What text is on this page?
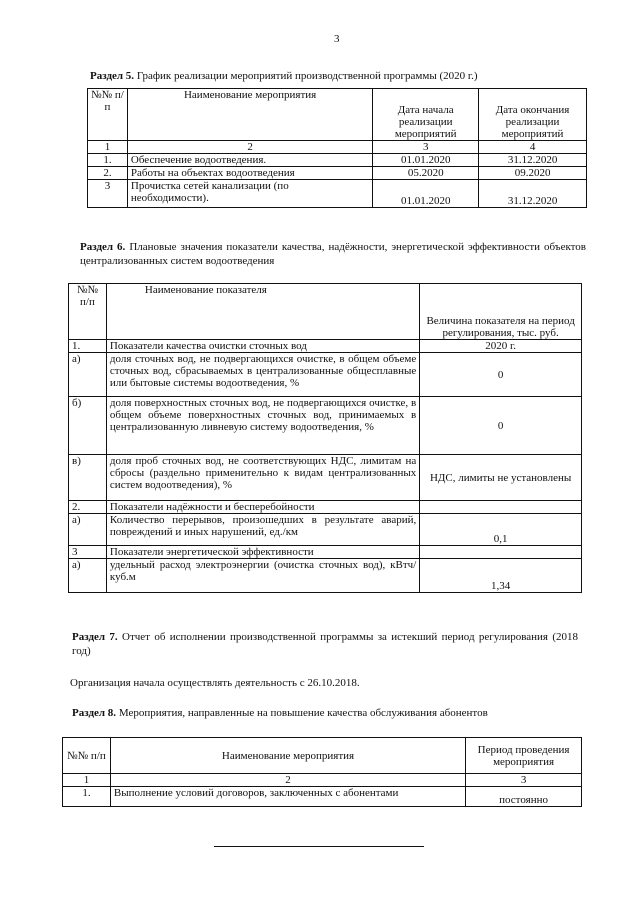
3
Раздел 5. График реализации мероприятий производственной программы (2020 г.)
№№ п/п	Наименование мероприятия	Дата начала реализации мероприятий	Дата окончания реализации мероприятий
1	2	3	4
1.	Обеспечение водоотведения.	01.01.2020	31.12.2020
2.	Работы на объектах водоотведения	05.2020	09.2020
3	Прочистка сетей канализации (по необходимости).	01.01.2020	31.12.2020
Раздел 6. Плановые значения показатели качества, надёжности, энергетической эффективности объектов централизованных систем водоотведения
№№ п/п	Наименование показателя	Величина показателя на период регулирования, тыс. руб.
1.	Показатели качества очистки сточных вод	2020 г.
а)	доля сточных вод, не подвергающихся очистке, в общем объеме сточных вод, сбрасываемых в централизованные общесплавные или бытовые системы водоотведения, %	0
б)	доля поверхностных сточных вод, не подвергающихся очистке, в общем объеме поверхностных сточных вод, принимаемых в централизованную ливневую систему водоотведения, %	0
в)	доля проб сточных вод, не соответствующих НДС, лимитам на сбросы (раздельно применительно к видам централизованных систем водоотведения), %	НДС, лимиты не установлены
2.	Показатели надёжности и бесперебойности	
а)	Количество перерывов, произошедших в результате аварий, повреждений и иных нарушений, ед./км	0,1
3	Показатели энергетической эффективности	
а)	удельный расход электроэнергии (очистка сточных вод), кВтч/куб.м	1,34
Раздел 7. Отчет об исполнении производственной программы за истекший период регулирования (2018 год)
Организация начала осуществлять деятельность с 26.10.2018.
Раздел 8. Мероприятия, направленные на повышение качества обслуживания абонентов
№№ п/п	Наименование мероприятия	Период проведения мероприятия
1	2	3
1.	Выполнение условий договоров, заключенных с абонентами	постоянно
